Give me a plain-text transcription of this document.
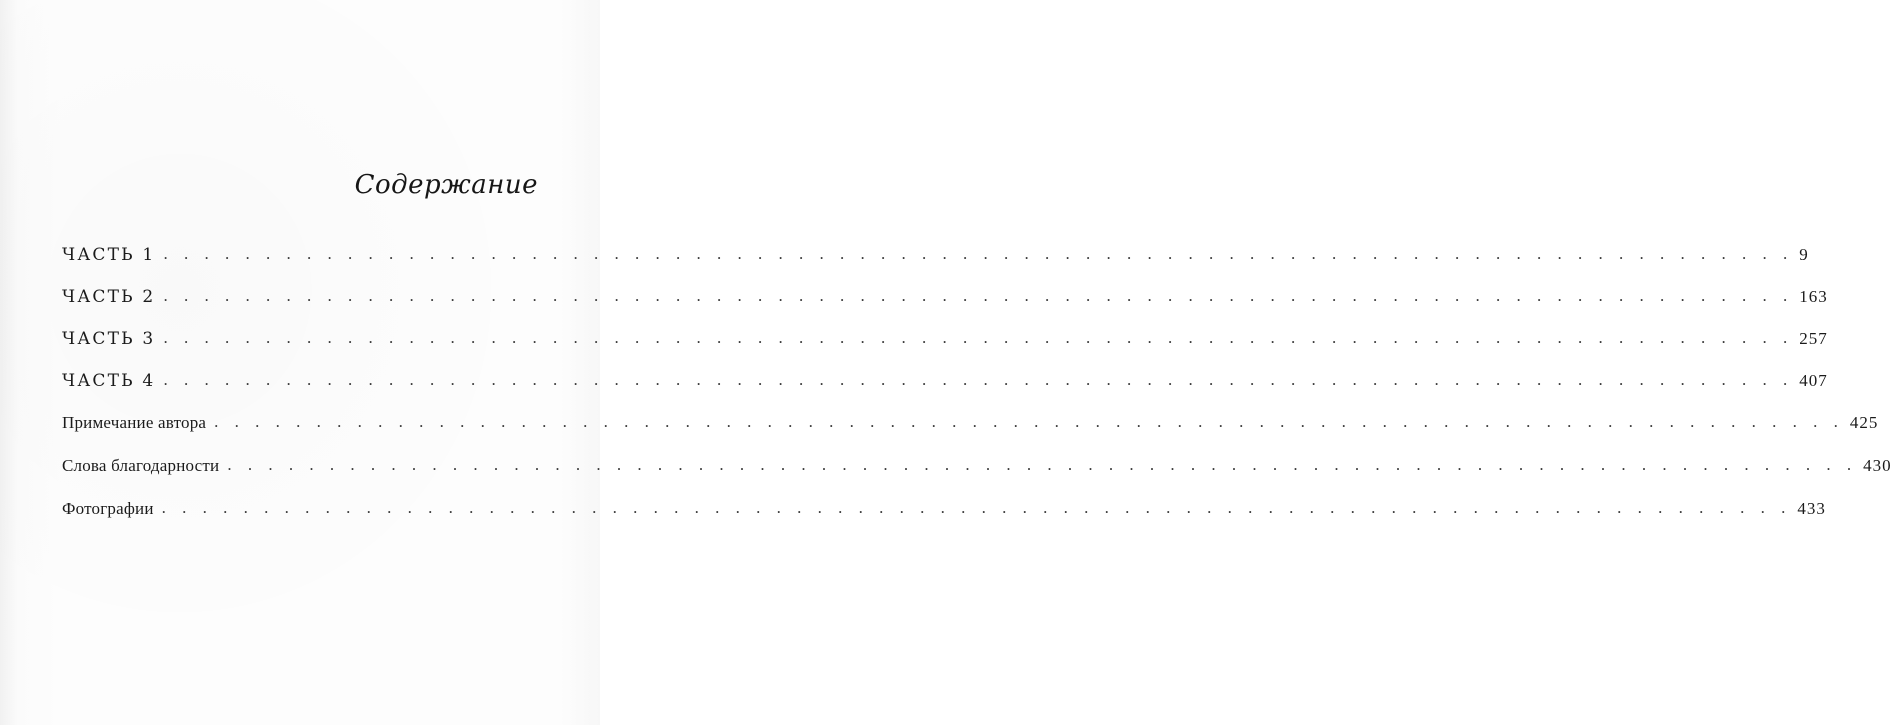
Содержание
ЧАСТЬ 1 . . . . . . . . . . . . . . . . . . . . . . . . . . . . . . . . . . . . . . . . . . . . . . . . . . . . . . . . . . . . . . . . . . . . . . . . . . . . . . . . 9
ЧАСТЬ 2 . . . . . . . . . . . . . . . . . . . . . . . . . . . . . . . . . . . . . . . . . . . . . . . . . . . . . . . . . . . . . . . . . . . . . . . . . . . . . . . . 163
ЧАСТЬ 3 . . . . . . . . . . . . . . . . . . . . . . . . . . . . . . . . . . . . . . . . . . . . . . . . . . . . . . . . . . . . . . . . . . . . . . . . . . . . . . . . 257
ЧАСТЬ 4 . . . . . . . . . . . . . . . . . . . . . . . . . . . . . . . . . . . . . . . . . . . . . . . . . . . . . . . . . . . . . . . . . . . . . . . . . . . . . . . . 407
Примечание автора . . . . . . . . . . . . . . . . . . . . . . . . . . . . . . . . . . . . . . . . . . . . . . . . . . . . . . . . . . . . . . . . . . . . . . . . . . . . . . . . 425
Слова благодарности . . . . . . . . . . . . . . . . . . . . . . . . . . . . . . . . . . . . . . . . . . . . . . . . . . . . . . . . . . . . . . . . . . . . . . . . . . . . . . . . 430
Фотографии . . . . . . . . . . . . . . . . . . . . . . . . . . . . . . . . . . . . . . . . . . . . . . . . . . . . . . . . . . . . . . . . . . . . . . . . . . . . . . . . 433
